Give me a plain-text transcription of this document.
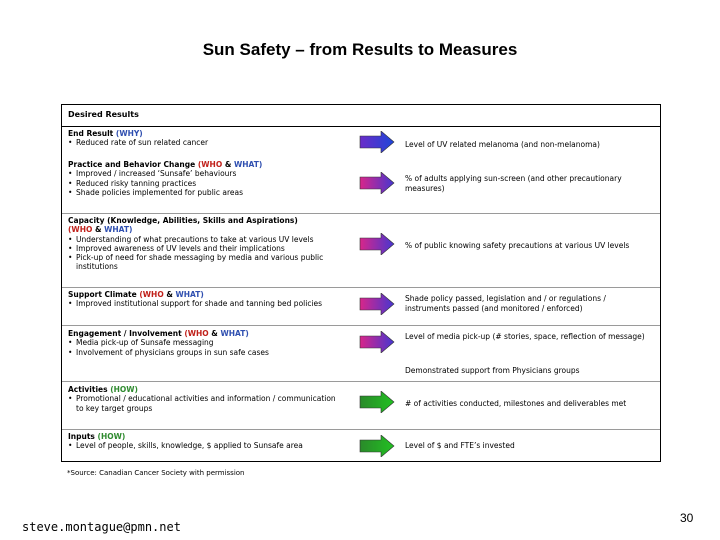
Sun Safety – from Results to Measures
Desired Results
End Result (WHY)
• Reduced rate of sun related cancer	Level of UV related melanoma (and non-melanoma)
Practice and Behavior Change (WHO & WHAT)
• Improved / increased ‘Sunsafe’ behaviours
• Reduced risky tanning practices
• Shade policies implemented for public areas
% of adults applying sun-screen (and other precautionary measures)
Capacity (Knowledge, Abilities, Skills and Aspirations)
(WHO & WHAT)
• Understanding of what precautions to take at various UV levels
• Improved awareness of UV levels and their implications
• Pick-up of need for shade messaging by media and various public institutions
% of public knowing safety precautions at various UV levels
Support Climate (WHO & WHAT)
• Improved institutional support for shade and tanning bed policies
Shade policy passed, legislation and / or regulations / instruments passed (and monitored / enforced)
Engagement / Involvement (WHO & WHAT)
• Media pick-up of Sunsafe messaging
• Involvement of physicians groups in sun safe cases
Level of media pick-up (# stories, space, reflection of message)
Demonstrated support from Physicians groups
Activities (HOW)
• Promotional / educational activities and information / communication to key target groups
# of activities conducted, milestones and deliverables met
Inputs (HOW)
• Level of people, skills, knowledge, $ applied to Sunsafe area	Level of $ and FTE’s invested
*Source: Canadian Cancer Society with permission
steve.montague@pmn.net
30
